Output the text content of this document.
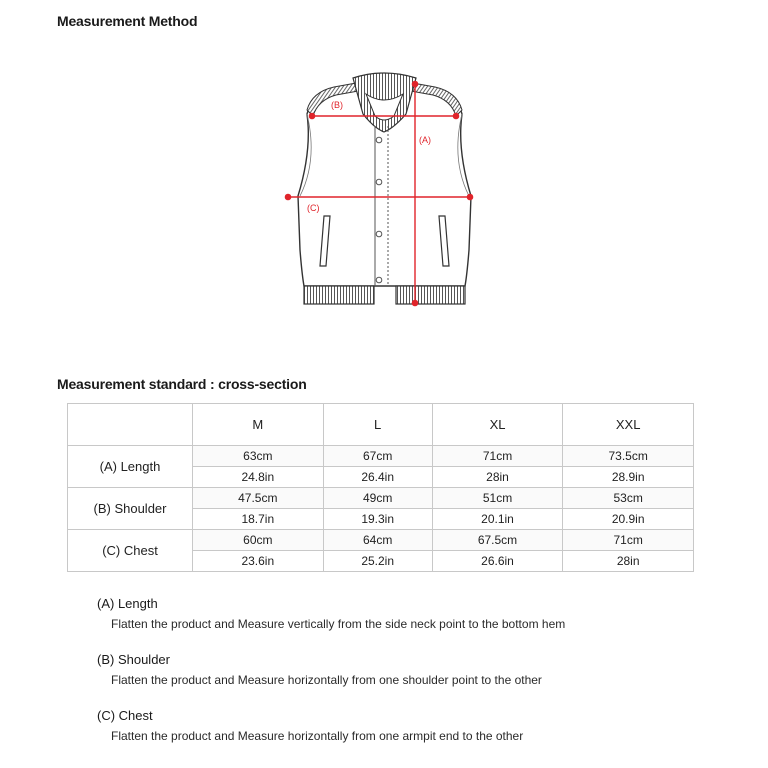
Measurement Method
(B)
(A)
(C)
Measurement standard : cross-section
	M	L	XL	XXL
(A) Length	63cm	67cm	71cm	73.5cm
	24.8in	26.4in	28in	28.9in
(B) Shoulder	47.5cm	49cm	51cm	53cm
	18.7in	19.3in	20.1in	20.9in
(C) Chest	60cm	64cm	67.5cm	71cm
	23.6in	25.2in	26.6in	28in
(A) Length
Flatten the product and Measure vertically from the side neck point to the bottom hem
(B) Shoulder
Flatten the product and Measure horizontally from one shoulder point to the other
(C) Chest
Flatten the product and Measure horizontally from one armpit end to the other
